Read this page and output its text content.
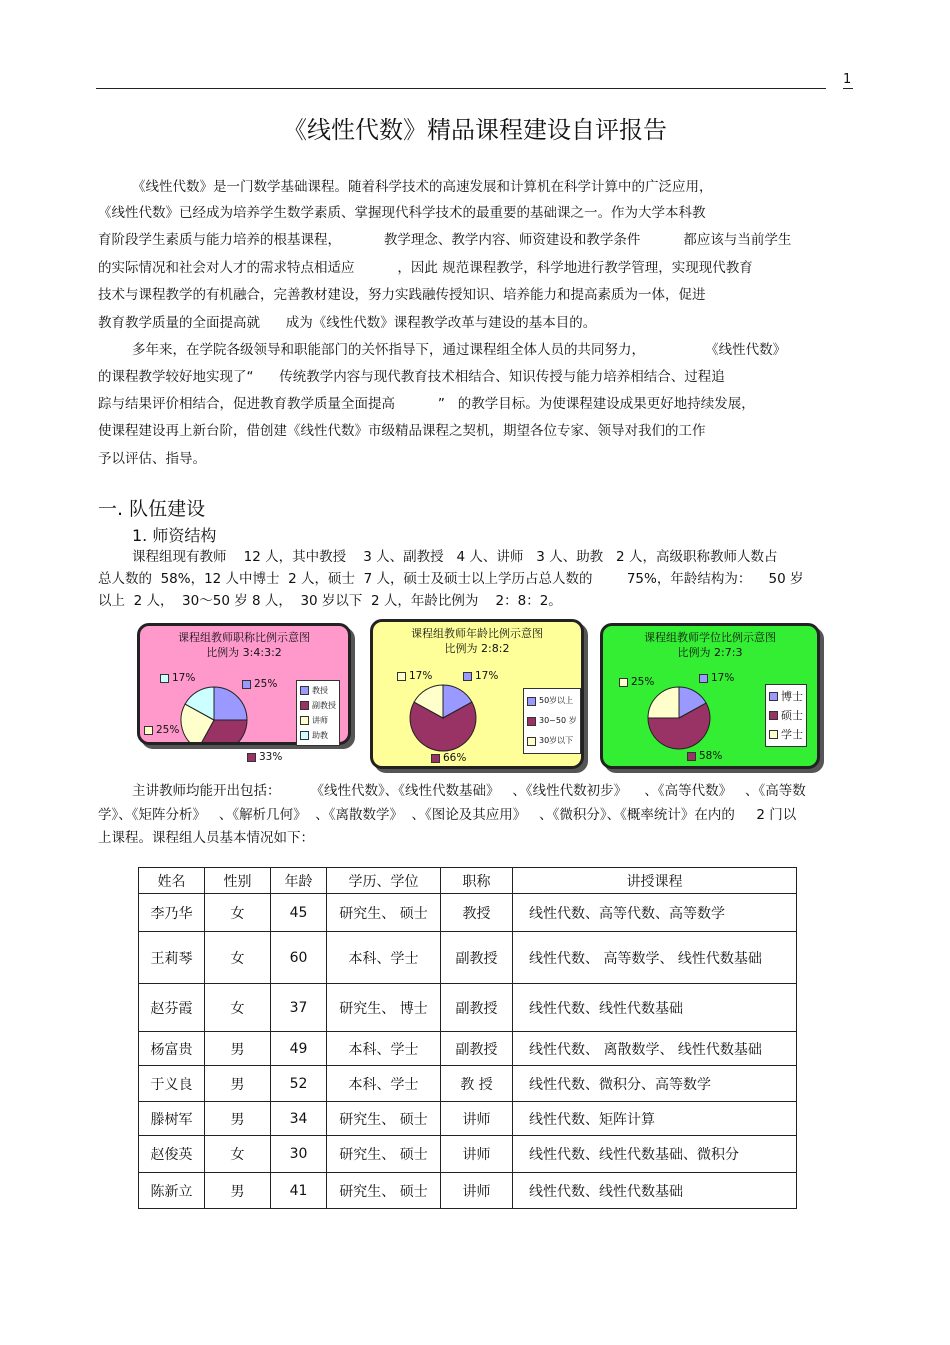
1
《线性代数》精品课程建设自评报告
《线性代数》是一门数学基础课程。随着科学技术的高速发展和计算机在科学计算中的广泛应用，
《线性代数》已经成为培养学生数学素质、掌握现代科学技术的最重要的基础课之一。作为大学本科教
育阶段学生素质与能力培养的根基课程，          教学理念、教学内容、师资建设和教学条件          都应该与当前学生
的实际情况和社会对人才的需求特点相适应          ，因此 规范课程教学，科学地进行教学管理，实现现代教育
技术与课程教学的有机融合，完善教材建设，努力实践融传授知识、培养能力和提高素质为一体，促进
教育教学质量的全面提高就      成为《线性代数》课程教学改革与建设的基本目的。
多年来，在学院各级领导和职能部门的关怀指导下，通过课程组全体人员的共同努力，              《线性代数》
的课程教学较好地实现了“      传统教学内容与现代教育技术相结合、知识传授与能力培养相结合、过程追
踪与结果评价相结合，促进教育教学质量全面提高          ”   的教学目标。为使课程建设成果更好地持续发展，
使课程建设再上新台阶，借创建《线性代数》市级精品课程之契机，期望各位专家、领导对我们的工作
予以评估、指导。
一. 队伍建设
1. 师资结构
课程组现有教师    12 人，其中教授    3 人、副教授   4 人、讲师   3 人、助教   2 人，高级职称教师人数占
总人数的  58%，12 人中博士  2 人，硕士  7 人，硕士及硕士以上学历占总人数的        75%，年龄结构为：    50 岁
以上  2 人，  30～50 岁 8 人，  30 岁以下  2 人，年龄比例为    2：8：2。
课程组教师职称比例示意图
比例为 3:4:3:2
25%
33%
25%
17%
教授
副教授
讲师
助教
课程组教师年龄比例示意图
比例为 2:8:2
17%
66%
17%
50岁以上
30~50 岁
30岁以下
课程组教师学位比例示意图
比例为 2:7:3
17%
58%
25%
博士
硕士
学士
主讲教师均能开出包括：       《线性代数》、《线性代数基础》   、《线性代数初步》    、《高等代数》   、《高等数
学》、《矩阵分析》   、《解析几何》  、《离散数学》  、《图论及其应用》   、《微积分》、《概率统计》在内的     2 门以
上课程。课程组人员基本情况如下：
姓名	性别	年龄	学历、学位	职称	讲授课程
李乃华	女	45	研究生、 硕士	教授	线性代数、高等代数、高等数学
王莉琴	女	60	本科、学士	副教授	线性代数、 高等数学、 线性代数基础
赵芬霞	女	37	研究生、 博士	副教授	线性代数、线性代数基础
杨富贵	男	49	本科、学士	副教授	线性代数、 离散数学、 线性代数基础
于义良	男	52	本科、学士	教 授	线性代数、微积分、高等数学
滕树军	男	34	研究生、 硕士	讲师	线性代数、矩阵计算
赵俊英	女	30	研究生、 硕士	讲师	线性代数、线性代数基础、微积分
陈新立	男	41	研究生、 硕士	讲师	线性代数、线性代数基础
